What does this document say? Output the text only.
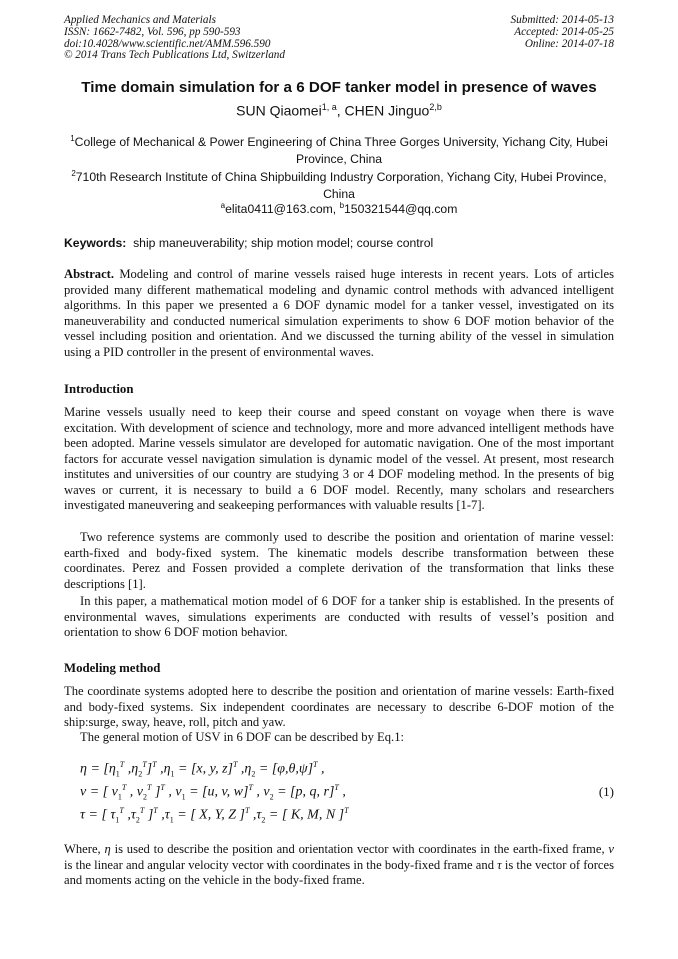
Applied Mechanics and Materials
ISSN: 1662-7482, Vol. 596, pp 590-593
doi:10.4028/www.scientific.net/AMM.596.590
© 2014 Trans Tech Publications Ltd, Switzerland
Submitted: 2014-05-13
Accepted: 2014-05-25
Online: 2014-07-18
Time domain simulation for a 6 DOF tanker model in presence of waves
SUN Qiaomei$^{1, a}$, CHEN Jinguo$^{2,b}$
$^1$College of Mechanical & Power Engineering of China Three Gorges University, Yichang City, Hubei Province, China
$^2$710th Research Institute of China Shipbuilding Industry Corporation, Yichang City, Hubei Province, China
$^a$elita0411@163.com, $^b$150321544@qq.com
Keywords:  ship maneuverability; ship motion model; course control
Abstract. Modeling and control of marine vessels raised huge interests in recent years. Lots of articles provided many different mathematical modeling and dynamic control methods with advanced intelligent algorithms. In this paper we presented a 6 DOF dynamic model for a tanker vessel, investigated on its maneuverability and conducted numerical simulation experiments to show 6 DOF motion behavior of the vessel including position and orientation. And we discussed the turning ability of the vessel in simulation using a PID controller in the present of environmental waves.
Introduction
Marine vessels usually need to keep their course and speed constant on voyage when there is wave excitation. With development of science and technology, more and more advanced intelligent methods have been adopted. Marine vessels simulator are developed for automatic navigation. One of the most important factors for accurate vessel navigation simulation is dynamic model of the vessel. At present, most research institutes and universities of our country are studying 3 or 4 DOF modeling method. In the presents of big waves or current, it is necessary to build a 6 DOF model. Recently, many scholars and researchers investigated maneuvering and seakeeping performances with valuable results [1-7].
Two reference systems are commonly used to describe the position and orientation of marine vessel: earth-fixed and body-fixed system. The kinematic models describe transformation between these coordinates. Perez and Fossen provided a complete derivation of the transformation that links these descriptions [1].
In this paper, a mathematical motion model of 6 DOF for a tanker ship is established. In the presents of environmental waves, simulations experiments are conducted with results of vessel’s position and orientation to show 6 DOF motion behavior.
Modeling method
The coordinate systems adopted here to describe the position and orientation of marine vessels: Earth-fixed and body-fixed systems. Six independent coordinates are necessary to describe 6-DOF motion of the ship:surge, sway, heave, roll, pitch and yaw.
The general motion of USV in 6 DOF can be described by Eq.1:
$\eta = [\eta_1^T$ $,\eta_2^T]^T$ $,\eta_1 = [x$, y, z]$^T$ $,\eta_2 = [\varphi,\theta,\psi]^T$ ,
v = [ $v_1^T$ , $v_2^T$ ]$^T$ , $v_1 = [u$, v, w]$^T$ , $v_2 = [p$, q, r]$^T$ ,
τ = [ $\tau_1^T$ $,\tau_2^T$ ]$^T$ $,\tau_1$ = [ X, Y, Z ]$^T$ $,\tau_2$ = [ K, M, N ]$^T$
(1)
Where, η is used to describe the position and orientation vector with coordinates in the earth-fixed frame, v is the linear and angular velocity vector with coordinates in the body-fixed frame and τ is the vector of forces and moments acting on the vehicle in the body-fixed frame.
